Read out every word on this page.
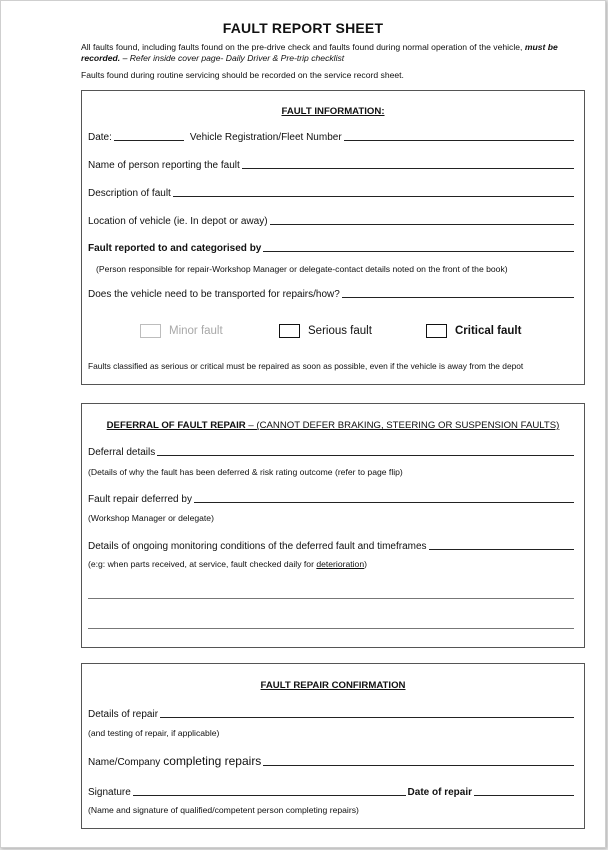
FAULT REPORT SHEET
All faults found, including faults found on the pre-drive check and faults found during normal operation of the vehicle, must be recorded. – Refer inside cover page- Daily Driver & Pre-trip checklist
Faults found during routine servicing should be recorded on the service record sheet.
FAULT INFORMATION:
Date:	Vehicle Registration/Fleet Number
Name of person reporting the fault
Description of fault
Location of vehicle (ie. In depot or away)
Fault reported to and categorised by
(Person responsible for repair-Workshop Manager or delegate-contact details noted on the front of the book)
Does the vehicle need to be transported for repairs/how?
Minor fault	Serious fault	Critical fault
Faults classified as serious or critical must be repaired as soon as possible, even if the vehicle is away from the depot
DEFERRAL OF FAULT REPAIR – (CANNOT DEFER BRAKING, STEERING OR SUSPENSION FAULTS)
Deferral details
(Details of why the fault has been deferred & risk rating outcome (refer to page flip)
Fault repair deferred by
(Workshop Manager or delegate)
Details of ongoing monitoring conditions of the deferred fault and timeframes
(e:g: when parts received, at service, fault checked daily for deterioration)
FAULT REPAIR CONFIRMATION
Details of repair
(and testing of repair, if applicable)
Name/Company completing repairs
Signature	Date of repair
(Name and signature of qualified/competent person completing repairs)
